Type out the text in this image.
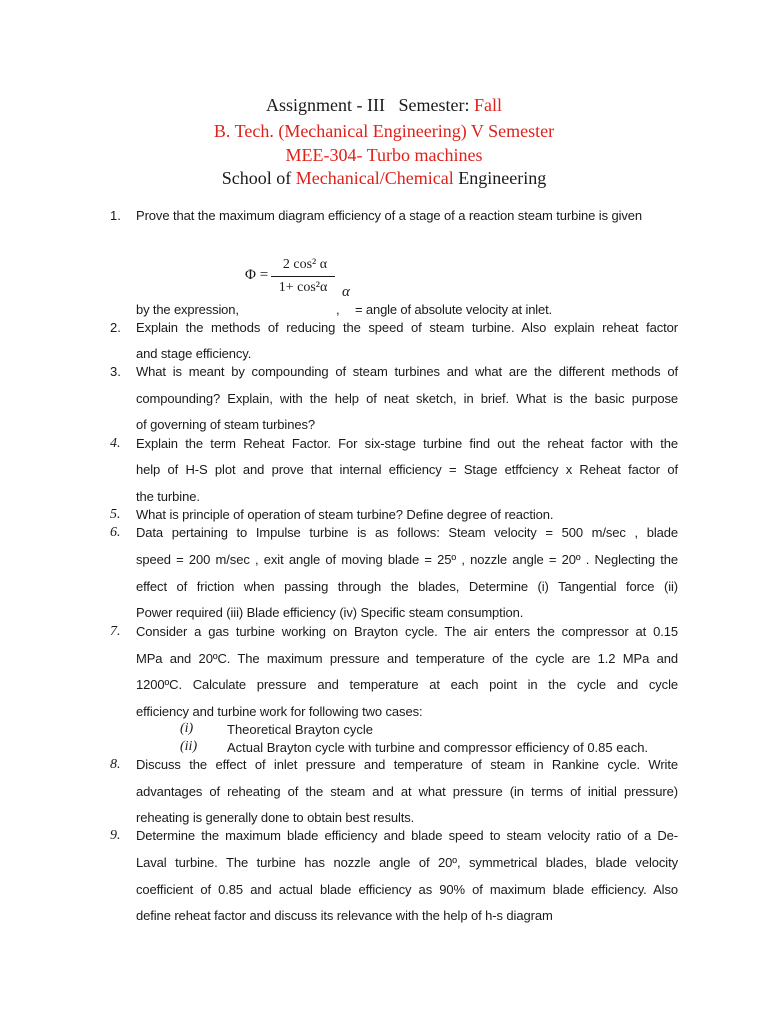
Assignment - III   Semester: Fall
B. Tech. (Mechanical Engineering) V Semester
MEE-304- Turbo machines
School of Mechanical/Chemical Engineering
1. Prove that the maximum diagram efficiency of a stage of a reaction steam turbine is given
Φ =
2 cos² α
1+ cos²α α
by the expression,	, = angle of absolute velocity at inlet.
2. Explain the methods of reducing the speed of steam turbine. Also explain reheat factor
and stage efficiency.
3. What is meant by compounding of steam turbines and what are the different methods of
compounding? Explain, with the help of neat sketch, in brief. What is the basic purpose
of governing of steam turbines?
4. Explain the term Reheat Factor. For six-stage turbine find out the reheat factor with the
help of H-S plot and prove that internal efficiency = Stage etffciency x Reheat factor of
the turbine.
5. What is principle of operation of steam turbine? Define degree of reaction.
6. Data pertaining to Impulse turbine is as follows: Steam velocity = 500 m/sec , blade
speed = 200 m/sec , exit angle of moving blade = 25º , nozzle angle = 20º . Neglecting the
effect of friction when passing through the blades, Determine (i) Tangential force (ii)
Power required (iii) Blade efficiency (iv) Specific steam consumption.
7. Consider a gas turbine working on Brayton cycle. The air enters the compressor at 0.15
MPa and 20ºC. The maximum pressure and temperature of the cycle are 1.2 MPa and
1200ºC. Calculate pressure and temperature at each point in the cycle and cycle
efficiency and turbine work for following two cases:
(i)	Theoretical Brayton cycle
(ii) Actual Brayton cycle with turbine and compressor efficiency of 0.85 each.
8. Discuss the effect of inlet pressure and temperature of steam in Rankine cycle. Write
advantages of reheating of the steam and at what pressure (in terms of initial pressure)
reheating is generally done to obtain best results.
9. Determine the maximum blade efficiency and blade speed to steam velocity ratio of a De-
Laval turbine. The turbine has nozzle angle of 20º, symmetrical blades, blade velocity
coefficient of 0.85 and actual blade efficiency as 90% of maximum blade efficiency. Also
define reheat factor and discuss its relevance with the help of h-s diagram
